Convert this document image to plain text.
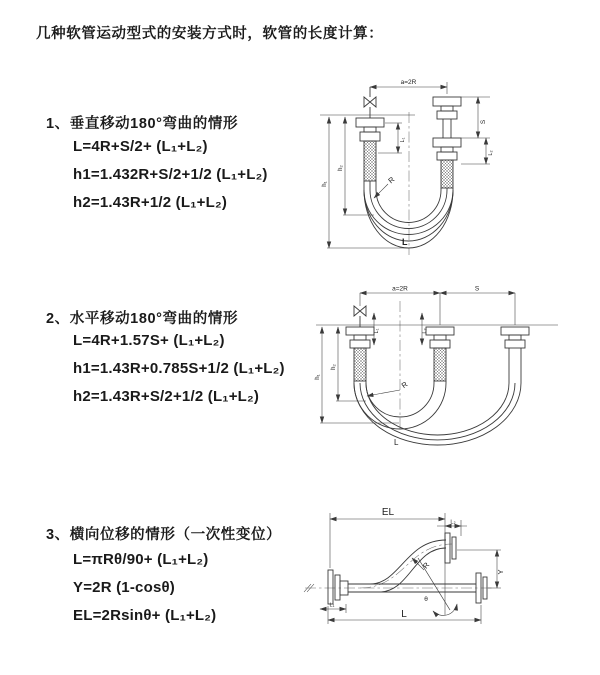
几种软管运动型式的安装方式时，软管的长度计算：
1、垂直移动180°弯曲的情形
L=4R+S/2+ (L₁+L₂)
h1=1.432R+S/2+1/2 (L₁+L₂)
h2=1.43R+1/2 (L₁+L₂)
a=2R
S
L₂
L₁
h₂
h₁	R
L
2、水平移动180°弯曲的情形
L=4R+1.57S+ (L₁+L₂)
h1=1.43R+0.785S+1/2 (L₁+L₂)
h2=1.43R+S/2+1/2 (L₁+L₂)
a=2R	S
L₁	L₂
h₂
h₁
R
L
3、横向位移的情形（一次性变位）
L=πRθ/90+ (L₁+L₂)
Y=2R (1-cosθ)
EL=2Rsinθ+ (L₁+L₂)
EL
L₂
Y
L₁
L
R
θ
